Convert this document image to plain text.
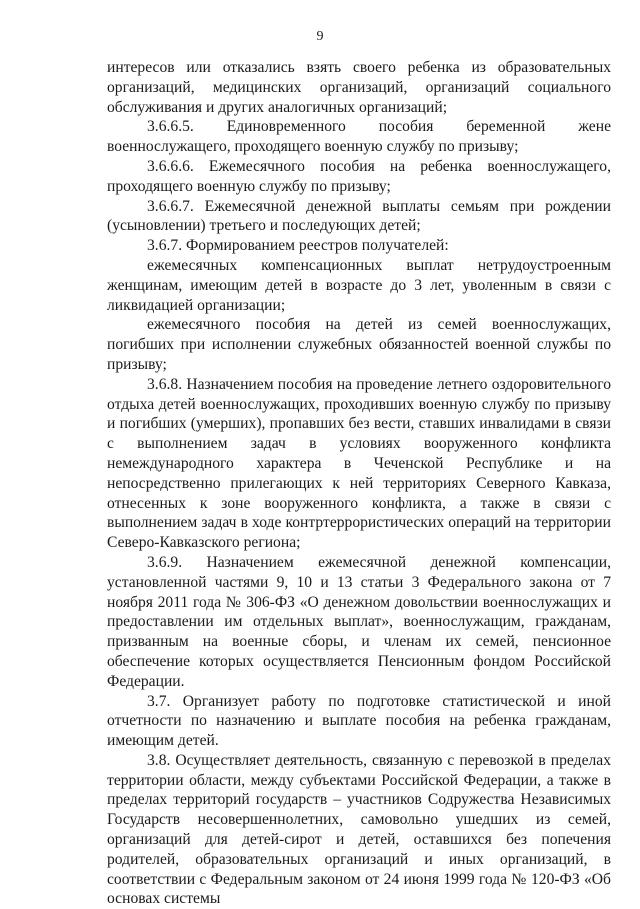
9

интересов или отказались взять своего ребенка из образовательных организаций, медицинских организаций, организаций социального обслуживания и других аналогичных организаций;

3.6.6.5. Единовременного пособия беременной жене военнослужащего, проходящего военную службу по призыву;

3.6.6.6. Ежемесячного пособия на ребенка военнослужащего, проходящего военную службу по призыву;

3.6.6.7. Ежемесячной денежной выплаты семьям при рождении (усыновлении) третьего и последующих детей;

3.6.7. Формированием реестров получателей:

ежемесячных компенсационных выплат нетрудоустроенным женщинам, имеющим детей в возрасте до 3 лет, уволенным в связи с ликвидацией организации;

ежемесячного пособия на детей из семей военнослужащих, погибших при исполнении служебных обязанностей военной службы по призыву;

3.6.8. Назначением пособия на проведение летнего оздоровительного отдыха детей военнослужащих, проходивших военную службу по призыву и погибших (умерших), пропавших без вести, ставших инвалидами в связи с выполнением задач в условиях вооруженного конфликта немеждународного характера в Чеченской Республике и на непосредственно прилегающих к ней территориях Северного Кавказа, отнесенных к зоне вооруженного конфликта, а также в связи с выполнением задач в ходе контртеррористических операций на территории Северо-Кавказского региона;

3.6.9. Назначением ежемесячной денежной компенсации, установленной частями 9, 10 и 13 статьи 3 Федерального закона от 7 ноября 2011 года № 306-ФЗ «О денежном довольствии военнослужащих и предоставлении им отдельных выплат», военнослужащим, гражданам, призванным на военные сборы, и членам их семей, пенсионное обеспечение которых осуществляется Пенсионным фондом Российской Федерации.

3.7. Организует работу по подготовке статистической и иной отчетности по назначению и выплате пособия на ребенка гражданам, имеющим детей.

3.8. Осуществляет деятельность, связанную с перевозкой в пределах территории области, между субъектами Российской Федерации, а также в пределах территорий государств – участников Содружества Независимых Государств несовершеннолетних, самовольно ушедших из семей, организаций для детей-сирот и детей, оставшихся без попечения родителей, образовательных организаций и иных организаций, в соответствии с Федеральным законом от 24 июня 1999 года № 120-ФЗ «Об основах системы
